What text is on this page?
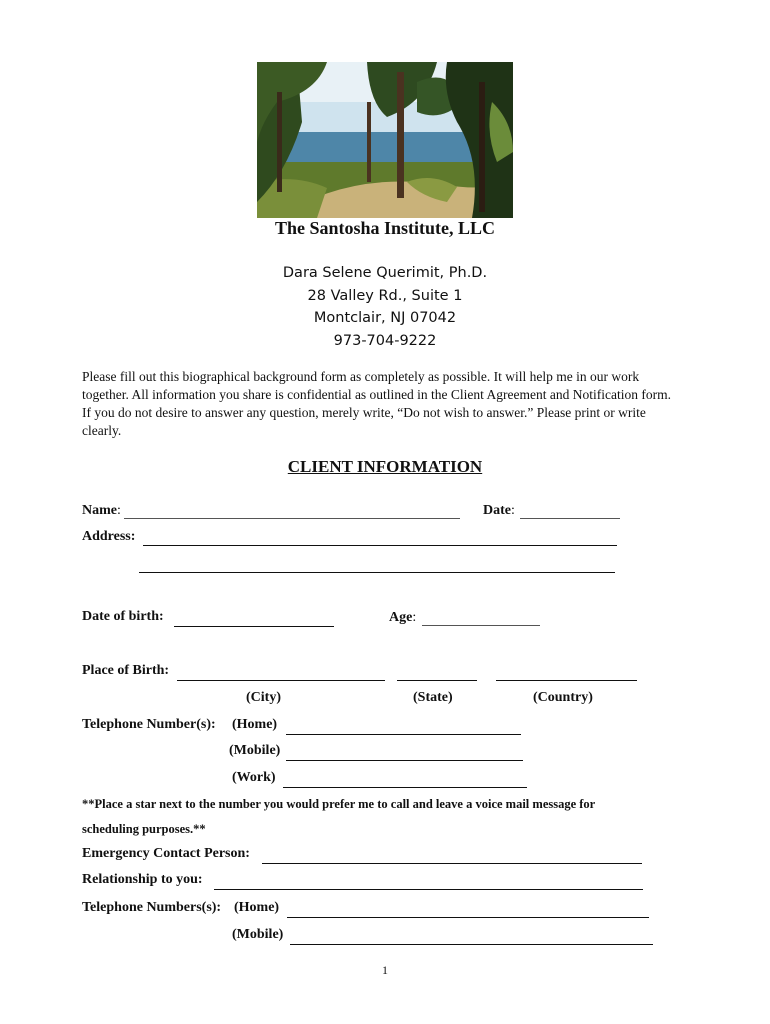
The Santosha Institute, LLC
Dara Selene Querimit, Ph.D.
28 Valley Rd., Suite 1
Montclair, NJ 07042
973-704-9222
Please fill out this biographical background form as completely as possible. It will help me in our work together. All information you share is confidential as outlined in the Client Agreement and Notification form. If you do not desire to answer any question, merely write, “Do not wish to answer.” Please print or write clearly.
CLIENT INFORMATION
Name:	Date:
Address:
Date of birth:	Age:
Place of Birth:
(City)	(State)	(Country)
Telephone Number(s): (Home)
(Mobile)
(Work)
**Place a star next to the number you would prefer me to call and leave a voice mail message for
scheduling purposes.**
Emergency Contact Person:
Relationship to you:
Telephone Numbers(s): (Home)
(Mobile)
1
